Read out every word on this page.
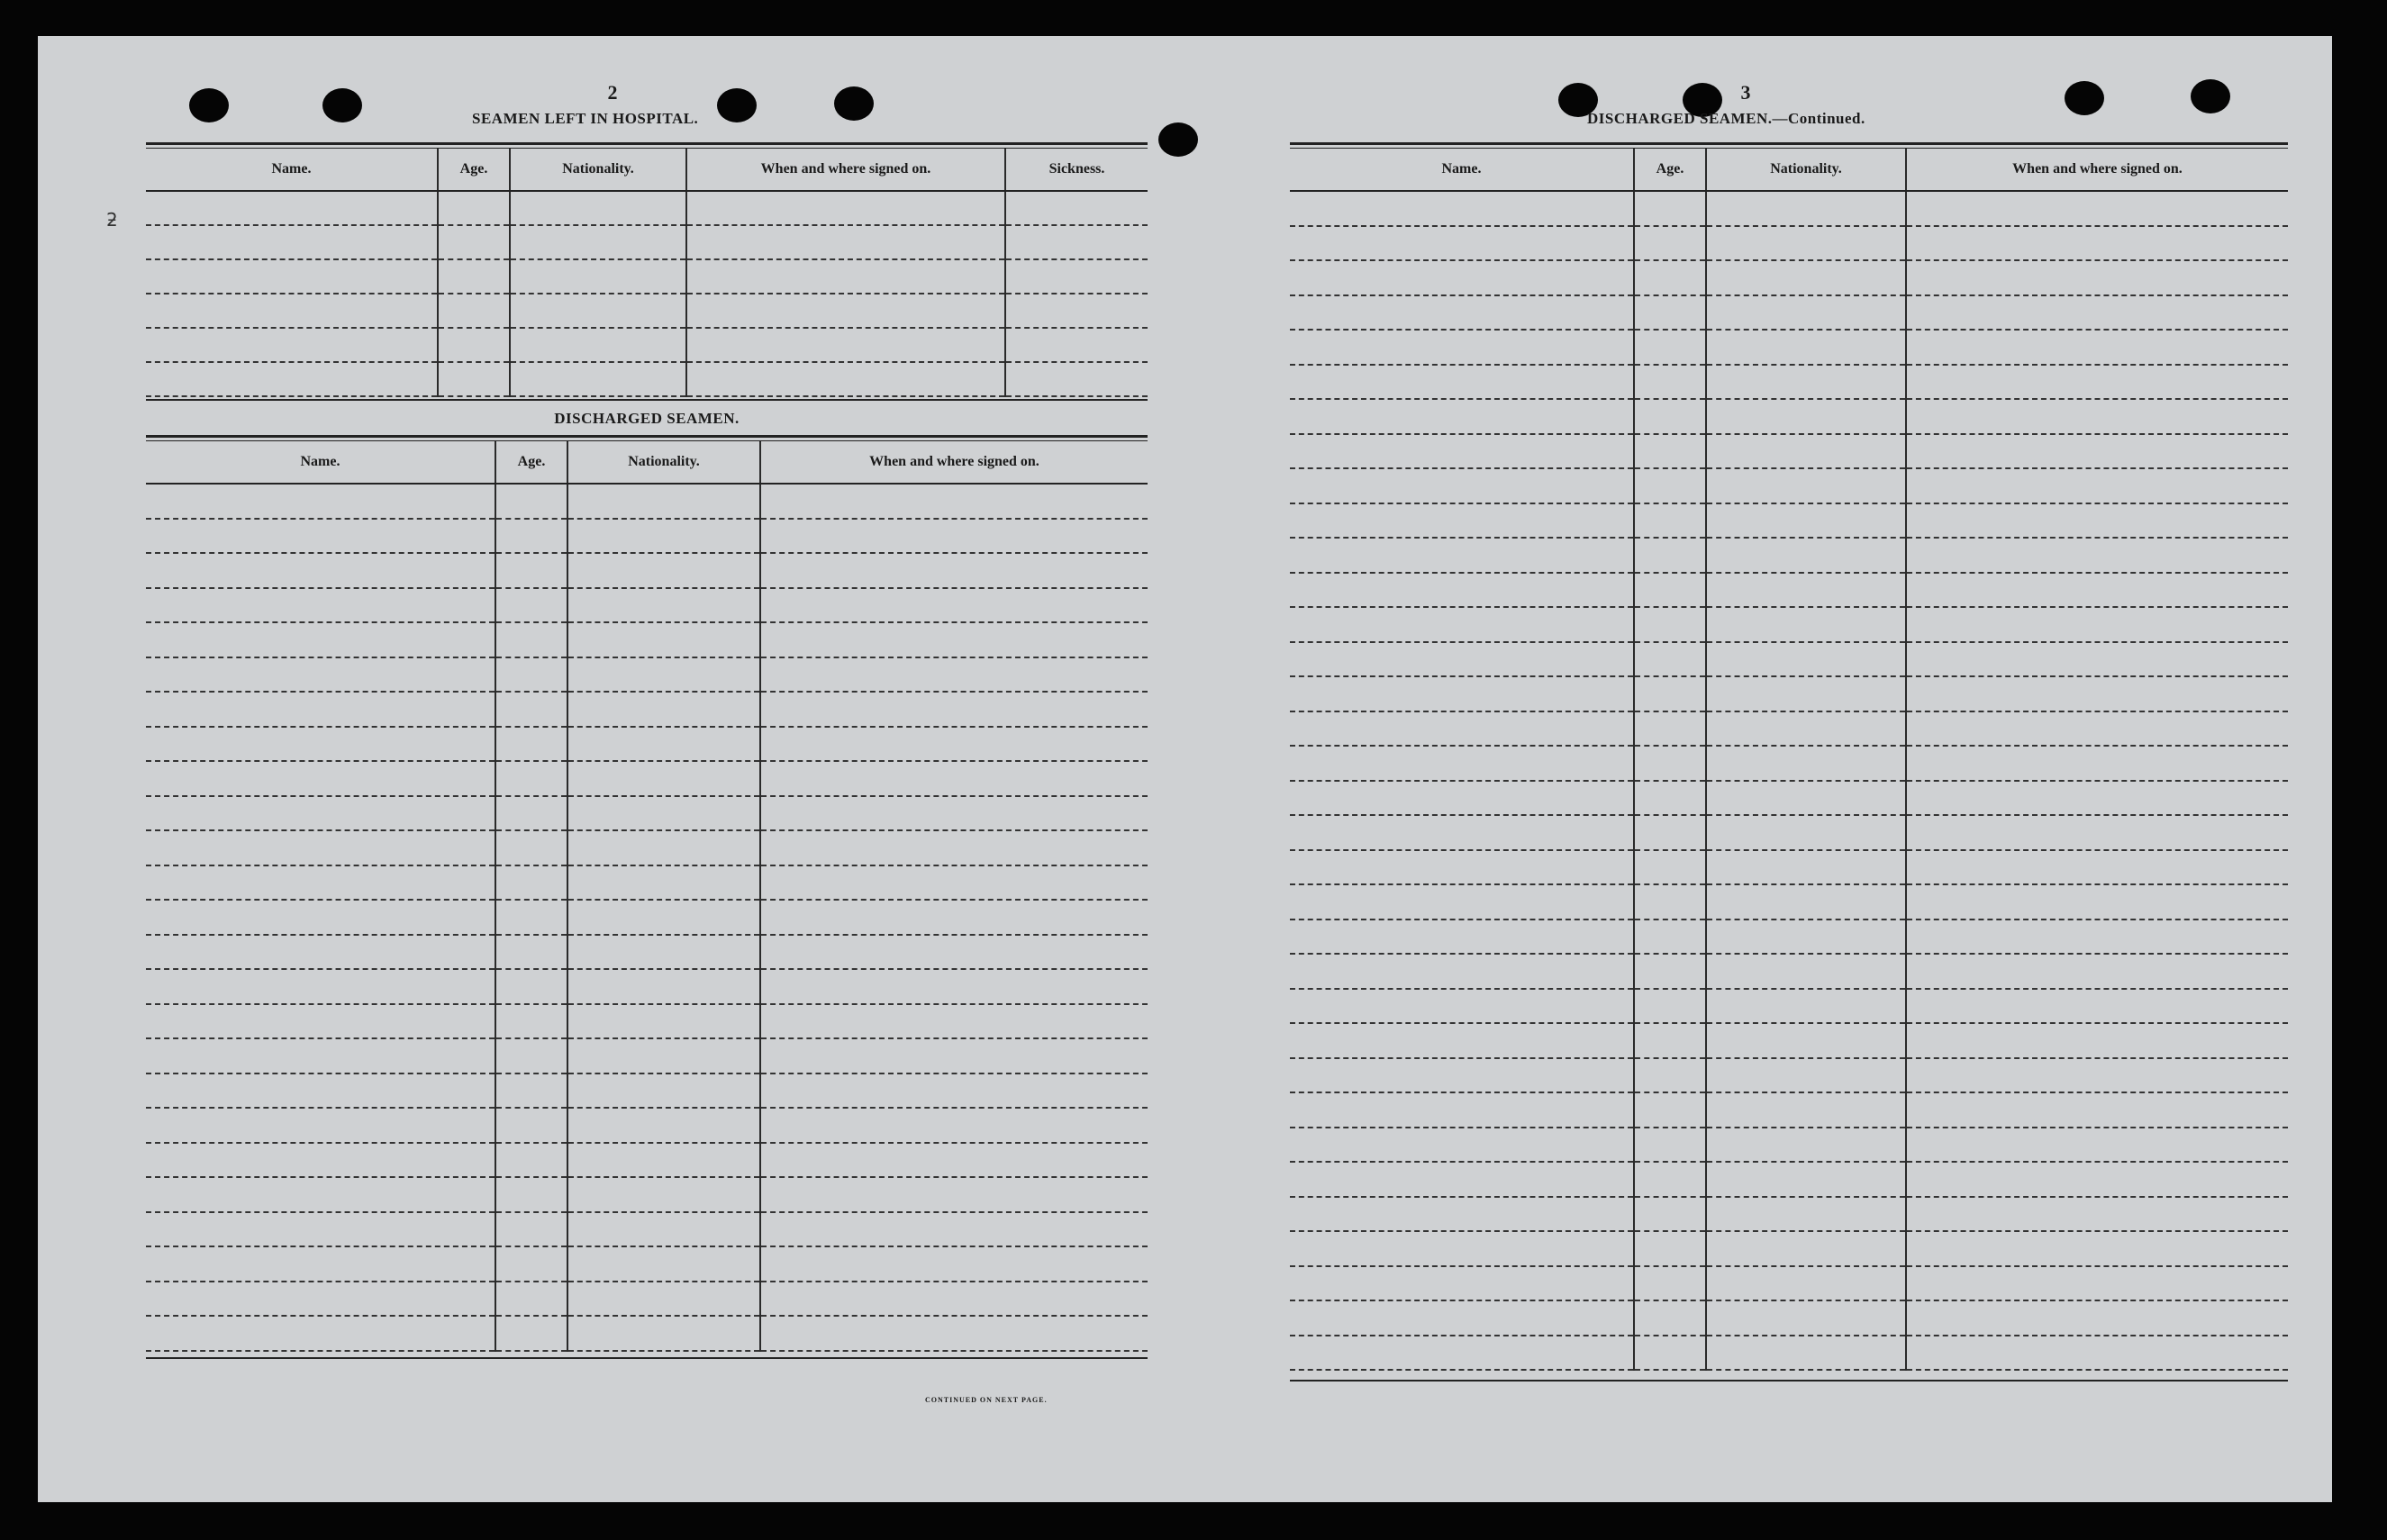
2
SEAMEN LEFT IN HOSPITAL.
Name.	Age.	Nationality.	When and where signed on.	Sickness.

DISCHARGED SEAMEN.
Name.	Age.	Nationality.	When and where signed on.

CONTINUED ON NEXT PAGE.
ƻ
3
DISCHARGED SEAMEN.—Continued.
Name.	Age.	Nationality.	When and where signed on.
